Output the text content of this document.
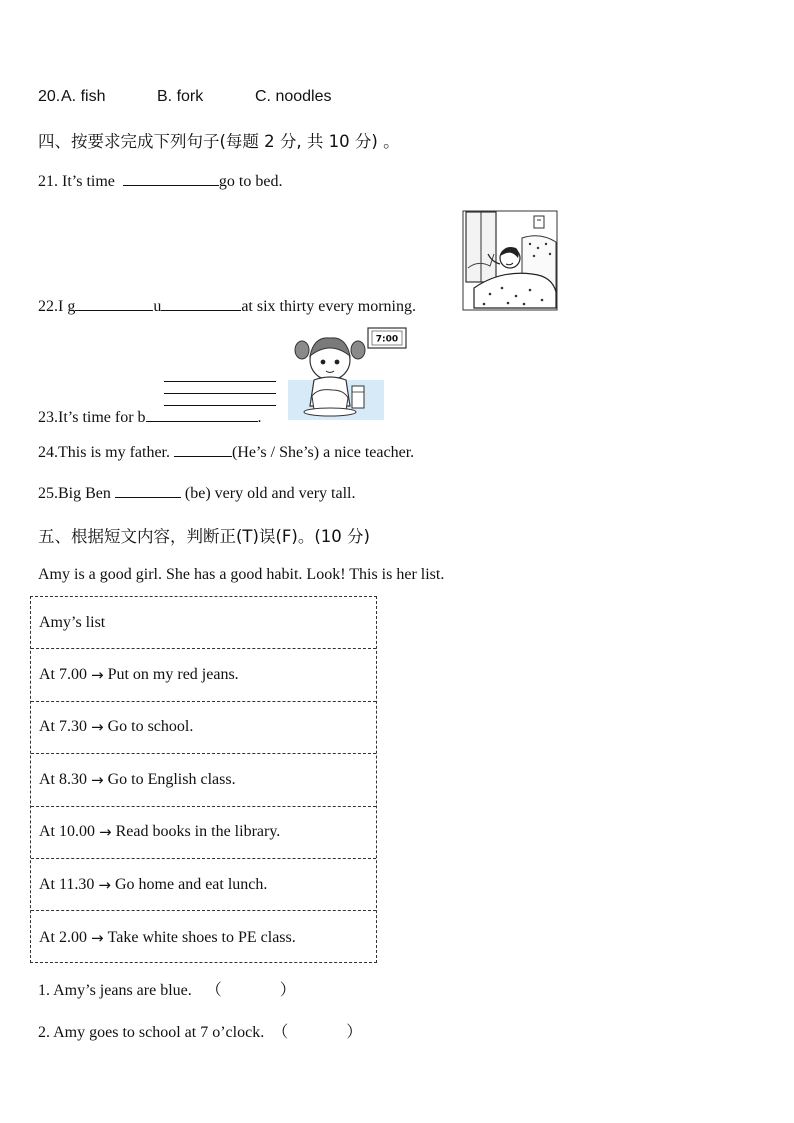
20. A. fish	B. fork	C. noodles
四、按要求完成下列句子(每题 2 分, 共 10 分) 。
21. It’s time	go to bed.
22.I g	u	at six thirty every morning.
7:00
23.It’s time for b	.
24.This is my father.	(He’s / She’s) a nice teacher.
25.Big Ben	(be) very old and very tall.
五、根据短文内容，判断正(T)误(F)。(10 分)
Amy is a good girl. She has a good habit. Look! This is her list.
Amy’s list
At 7.00 → Put on my red jeans.
At 7.30 → Go to school.
At 8.30 → Go to English class.
At 10.00 → Read books in the library.
At 11.30 → Go home and eat lunch.
At 2.00 → Take white shoes to PE class.
1. Amy’s jeans are blue. （	）
2. Amy goes to school at 7 o’clock. （	）
